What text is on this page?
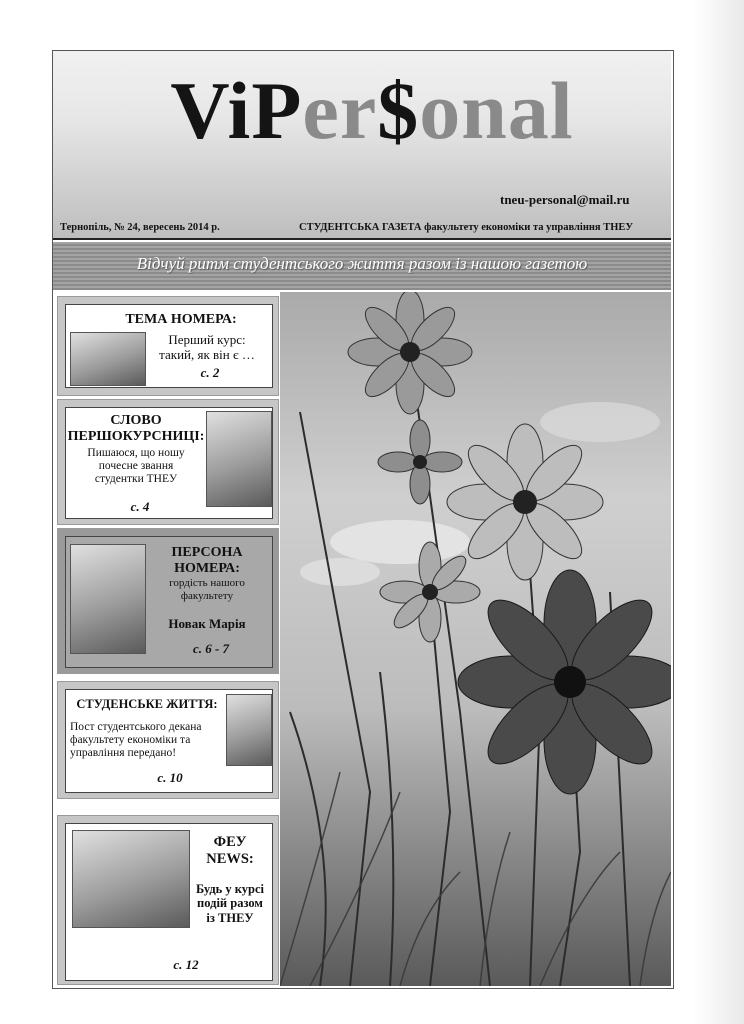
ViPer$onal
tneu-personal@mail.ru
Тернопіль, № 24, вересень 2014 р.	СТУДЕНТСЬКА ГАЗЕТА факультету економіки та управління ТНЕУ
Відчуй ритм студентського життя разом із нашою газетою
ТЕМА НОМЕРА:
Перший курс:
такий, як він є …
с. 2
СЛОВО
ПЕРШОКУРСНИЦІ:
Пишаюся, що ношу
почесне звання
студентки ТНЕУ
с. 4
ПЕРСОНА
НОМЕРА:
гордість нашого
факультету
Новак Марія
с. 6 - 7
СТУДЕНСЬКЕ ЖИТТЯ:
Пост студентського декана
факультету економіки та
управління передано!
с. 10
ФЕУ
NEWS:
Будь у курсі
подій разом
із ТНЕУ
с. 12
